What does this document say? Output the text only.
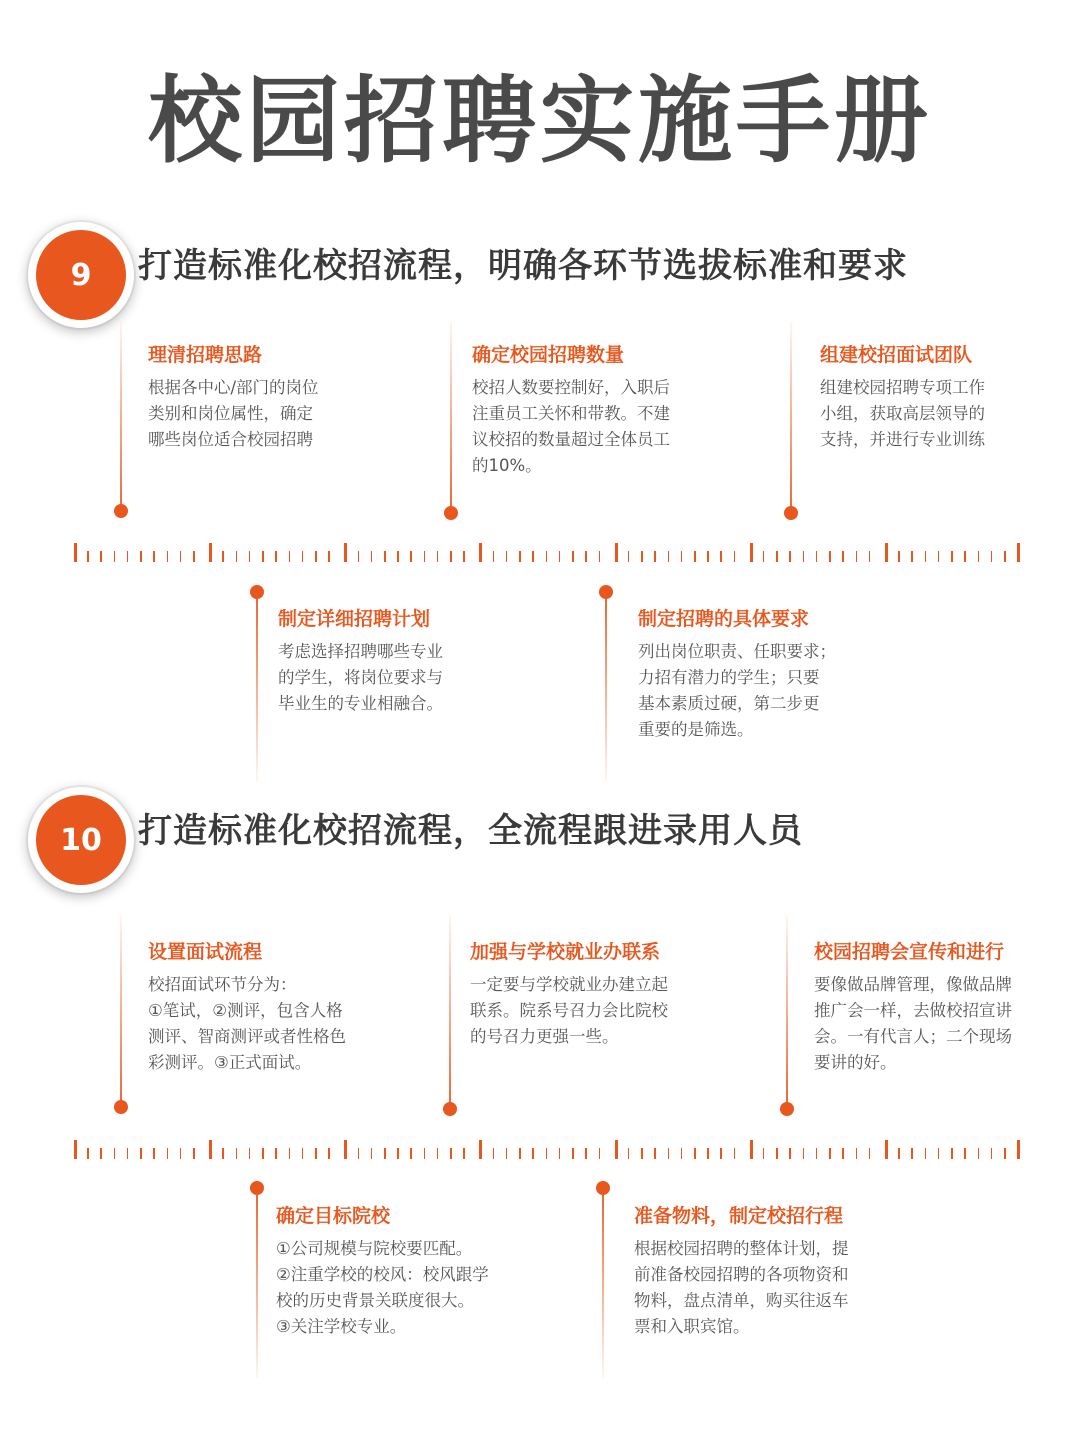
校园招聘实施手册
9	打造标准化校招流程，明确各环节选拔标准和要求
理清招聘思路
根据各中心/部门的岗位
类别和岗位属性，确定
哪些岗位适合校园招聘
确定校园招聘数量
校招人数要控制好，入职后
注重员工关怀和带教。不建
议校招的数量超过全体员工
的10%。
组建校招面试团队
组建校园招聘专项工作
小组，获取高层领导的
支持，并进行专业训练
制定详细招聘计划
考虑选择招聘哪些专业
的学生，将岗位要求与
毕业生的专业相融合。
制定招聘的具体要求
列出岗位职责、任职要求；
力招有潜力的学生；只要
基本素质过硬，第二步更
重要的是筛选。
10	打造标准化校招流程，全流程跟进录用人员
设置面试流程
校招面试环节分为：
①笔试，②测评，包含人格
测评、智商测评或者性格色
彩测评。③正式面试。
加强与学校就业办联系
一定要与学校就业办建立起
联系。院系号召力会比院校
的号召力更强一些。
校园招聘会宣传和进行
要像做品牌管理，像做品牌
推广会一样，去做校招宣讲
会。一有代言人；二个现场
要讲的好。
确定目标院校
①公司规模与院校要匹配。
②注重学校的校风：校风跟学
校的历史背景关联度很大。
③关注学校专业。
准备物料，制定校招行程
根据校园招聘的整体计划，提
前准备校园招聘的各项物资和
物料，盘点清单，购买往返车
票和入职宾馆。
